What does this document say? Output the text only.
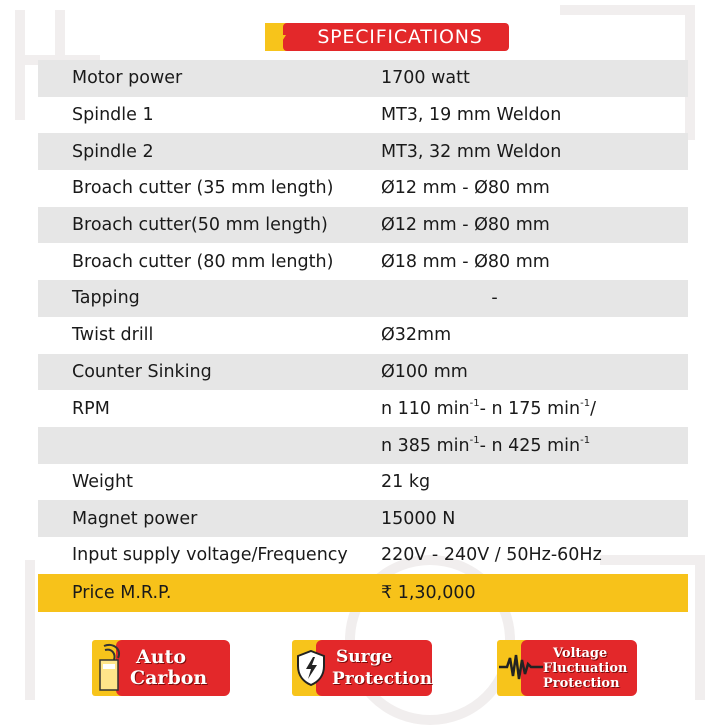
SPECIFICATIONS
Motor power	1700 watt
Spindle 1	MT3, 19 mm Weldon
Spindle 2	MT3, 32 mm Weldon
Broach cutter (35 mm length)	Ø12 mm - Ø80 mm
Broach cutter(50 mm length)	Ø12 mm - Ø80 mm
Broach cutter (80 mm length)	Ø18 mm - Ø80 mm
Tapping	-
Twist drill	Ø32mm
Counter Sinking	Ø100 mm
RPM	n 110 $\min^{-1}-$ n 175 $\min^{-1}/$
n 385 $\min^{-1}-$ n 425 $\min^{-1}$
Weight	21 kg
Magnet power	15000 N
Input supply voltage/Frequency	220V - 240V / 50Hz-60Hz
Price M.R.P.	₹ 1,30,000
Auto
Carbon
Surge
Protection
Voltage
Fluctuation
Protection
